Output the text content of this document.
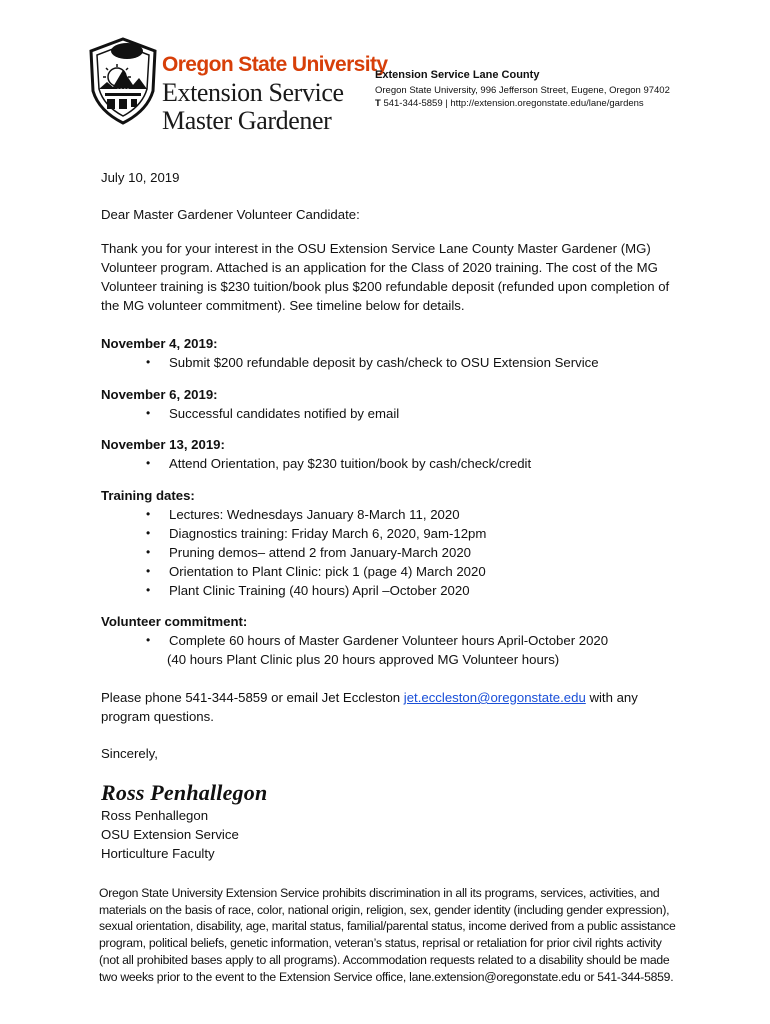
1868
Oregon State University
Extension Service
Master Gardener
Extension Service Lane County
Oregon State University, 996 Jefferson Street, Eugene, Oregon 97402
T 541-344-5859 | http://extension.oregonstate.edu/lane/gardens
July 10, 2019
Dear Master Gardener Volunteer Candidate:
Thank you for your interest in the OSU Extension Service Lane County Master Gardener (MG) Volunteer program. Attached is an application for the Class of 2020 training. The cost of the MG Volunteer training is $230 tuition/book plus $200 refundable deposit (refunded upon completion of the MG volunteer commitment). See timeline below for details.
November 4, 2019:
• Submit $200 refundable deposit by cash/check to OSU Extension Service
November 6, 2019:
• Successful candidates notified by email
November 13, 2019:
• Attend Orientation, pay $230 tuition/book by cash/check/credit
Training dates:
• Lectures: Wednesdays January 8-March 11, 2020
• Diagnostics training: Friday March 6, 2020, 9am-12pm
• Pruning demos– attend 2 from January-March 2020
• Orientation to Plant Clinic: pick 1 (page 4) March 2020
• Plant Clinic Training (40 hours) April –October 2020
Volunteer commitment:
• Complete 60 hours of Master Gardener Volunteer hours April-October 2020
(40 hours Plant Clinic plus 20 hours approved MG Volunteer hours)
Please phone 541-344-5859 or email Jet Eccleston jet.eccleston@oregonstate.edu with any program questions.
Sincerely,
Ross Penhallegon
Ross Penhallegon
OSU Extension Service
Horticulture Faculty
Oregon State University Extension Service prohibits discrimination in all its programs, services, activities, and materials on the basis of race, color, national origin, religion, sex, gender identity (including gender expression), sexual orientation, disability, age, marital status, familial/parental status, income derived from a public assistance program, political beliefs, genetic information, veteran’s status, reprisal or retaliation for prior civil rights activity (not all prohibited bases apply to all programs). Accommodation requests related to a disability should be made two weeks prior to the event to the Extension Service office, lane.extension@oregonstate.edu or 541-344-5859.
